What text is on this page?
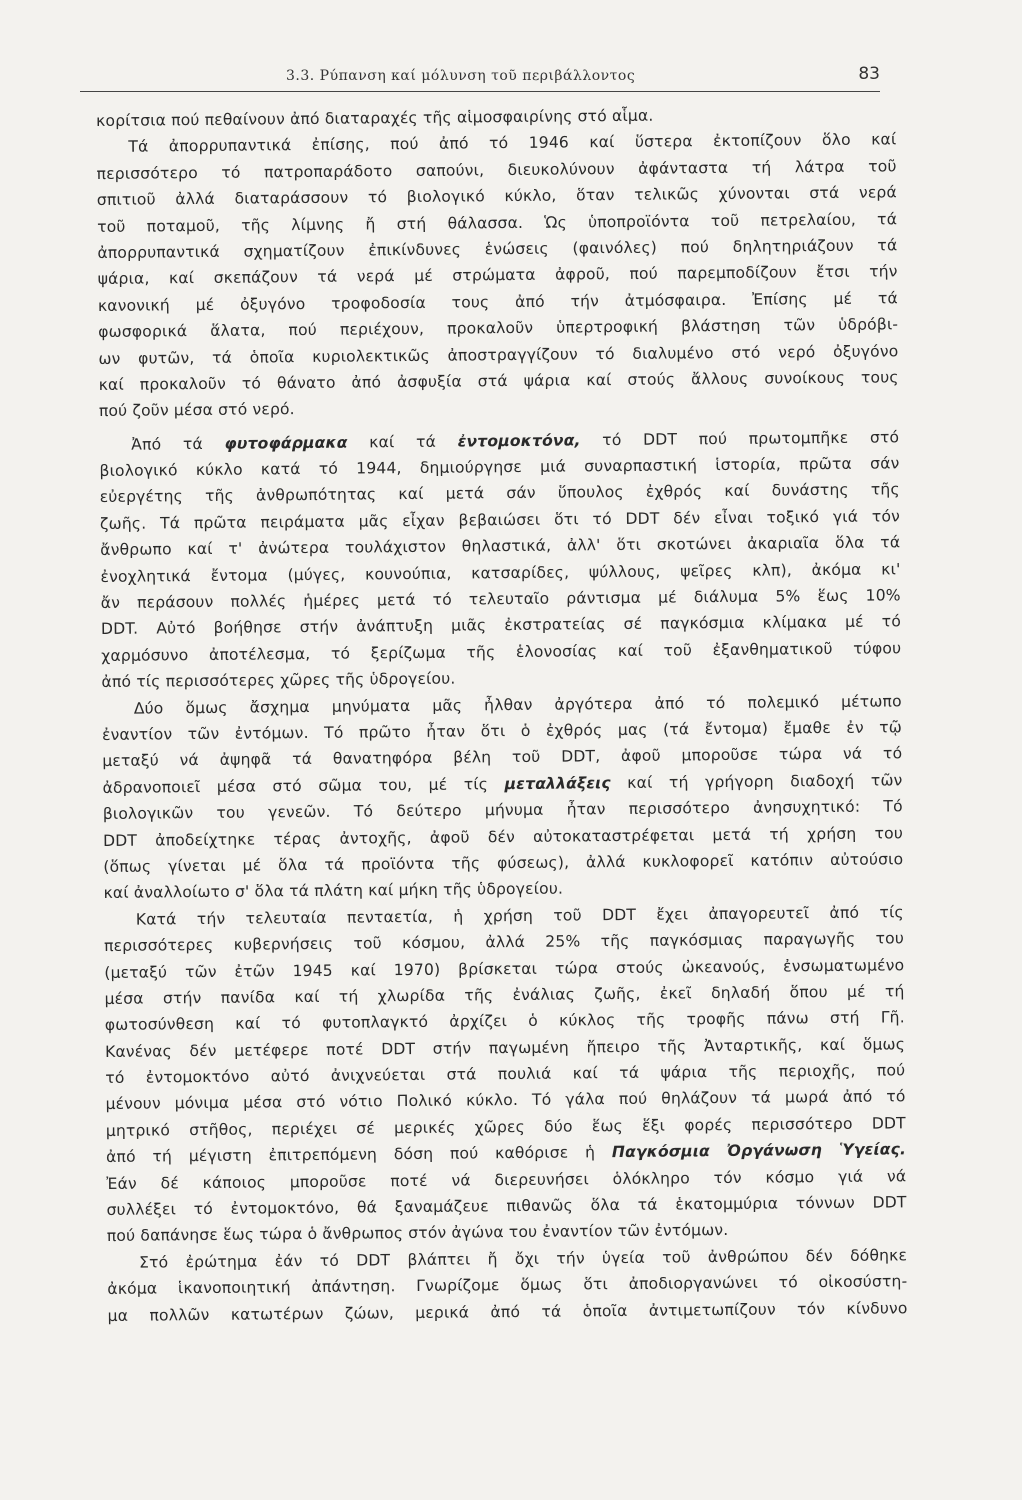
3.3. Ρύπανση καί μόλυνση τοῦ περιβάλλοντος	83
κορίτσια πού πεθαίνουν ἀπό διαταραχές τῆς αἱμοσφαιρίνης στό αἷμα.
Τά ἀπορρυπαντικά ἐπίσης, πού ἀπό τό 1946 καί ὕστερα ἐκτοπίζουν ὅλο καί
περισσότερο τό πατροπαράδοτο σαπούνι, διευκολύνουν ἀφάνταστα τή λάτρα τοῦ
σπιτιοῦ ἀλλά διαταράσσουν τό βιολογικό κύκλο, ὅταν τελικῶς χύνονται στά νερά
τοῦ ποταμοῦ, τῆς λίμνης ἤ στή θάλασσα. Ὡς ὑποπροϊόντα τοῦ πετρελαίου, τά
ἀπορρυπαντικά σχηματίζουν ἐπικίνδυνες ἑνώσεις (φαινόλες) πού δηλητηριάζουν τά
ψάρια, καί σκεπάζουν τά νερά μέ στρώματα ἀφροῦ, πού παρεμποδίζουν ἔτσι τήν
κανονική μέ ὀξυγόνο τροφοδοσία τους ἀπό τήν ἀτμόσφαιρα. Ἐπίσης μέ τά
φωσφορικά ἅλατα, πού περιέχουν, προκαλοῦν ὑπερτροφική βλάστηση τῶν ὑδρόβι-
ων φυτῶν, τά ὁποῖα κυριολεκτικῶς ἀποστραγγίζουν τό διαλυμένο στό νερό ὀξυγόνο
καί προκαλοῦν τό θάνατο ἀπό ἀσφυξία στά ψάρια καί στούς ἄλλους συνοίκους τους
πού ζοῦν μέσα στό νερό.
Ἀπό τά φυτοφάρμακα καί τά ἐντομοκτόνα, τό DDT πού πρωτομπῆκε στό
βιολογικό κύκλο κατά τό 1944, δημιούργησε μιά συναρπαστική ἱστορία, πρῶτα σάν
εὐεργέτης τῆς ἀνθρωπότητας καί μετά σάν ὕπουλος ἐχθρός καί δυνάστης τῆς
ζωῆς. Τά πρῶτα πειράματα μᾶς εἶχαν βεβαιώσει ὅτι τό DDT δέν εἶναι τοξικό γιά τόν
ἄνθρωπο καί τ' ἀνώτερα τουλάχιστον θηλαστικά, ἀλλ' ὅτι σκοτώνει ἀκαριαῖα ὅλα τά
ἐνοχλητικά ἔντομα (μύγες, κουνούπια, κατσαρίδες, ψύλλους, ψεῖρες κλπ), ἀκόμα κι'
ἄν περάσουν πολλές ἡμέρες μετά τό τελευταῖο ράντισμα μέ διάλυμα 5% ἕως 10%
DDT. Αὐτό βοήθησε στήν ἀνάπτυξη μιᾶς ἐκστρατείας σέ παγκόσμια κλίμακα μέ τό
χαρμόσυνο ἀποτέλεσμα, τό ξερίζωμα τῆς ἑλονοσίας καί τοῦ ἐξανθηματικοῦ τύφου
ἀπό τίς περισσότερες χῶρες τῆς ὑδρογείου.
Δύο ὅμως ἄσχημα μηνύματα μᾶς ἦλθαν ἀργότερα ἀπό τό πολεμικό μέτωπο
ἐναντίον τῶν ἐντόμων. Τό πρῶτο ἦταν ὅτι ὁ ἐχθρός μας (τά ἔντομα) ἔμαθε ἐν τῷ
μεταξύ νά ἀψηφᾶ τά θανατηφόρα βέλη τοῦ DDT, ἀφοῦ μποροῦσε τώρα νά τό
ἀδρανοποιεῖ μέσα στό σῶμα του, μέ τίς μεταλλάξεις καί τή γρήγορη διαδοχή τῶν
βιολογικῶν του γενεῶν. Τό δεύτερο μήνυμα ἦταν περισσότερο ἀνησυχητικό: Τό
DDT ἀποδείχτηκε τέρας ἀντοχῆς, ἀφοῦ δέν αὐτοκαταστρέφεται μετά τή χρήση του
(ὅπως γίνεται μέ ὅλα τά προϊόντα τῆς φύσεως), ἀλλά κυκλοφορεῖ κατόπιν αὐτούσιο
καί ἀναλλοίωτο σ' ὅλα τά πλάτη καί μήκη τῆς ὑδρογείου.
Κατά τήν τελευταία πενταετία, ἡ χρήση τοῦ DDT ἔχει ἀπαγορευτεῖ ἀπό τίς
περισσότερες κυβερνήσεις τοῦ κόσμου, ἀλλά 25% τῆς παγκόσμιας παραγωγῆς του
(μεταξύ τῶν ἐτῶν 1945 καί 1970) βρίσκεται τώρα στούς ὠκεανούς, ἐνσωματωμένο
μέσα στήν πανίδα καί τή χλωρίδα τῆς ἐνάλιας ζωῆς, ἐκεῖ δηλαδή ὅπου μέ τή
φωτοσύνθεση καί τό φυτοπλαγκτό ἀρχίζει ὁ κύκλος τῆς τροφῆς πάνω στή Γῆ.
Κανένας δέν μετέφερε ποτέ DDT στήν παγωμένη ἤπειρο τῆς Ἀνταρτικῆς, καί ὅμως
τό ἐντομοκτόνο αὐτό ἀνιχνεύεται στά πουλιά καί τά ψάρια τῆς περιοχῆς, πού
μένουν μόνιμα μέσα στό νότιο Πολικό κύκλο. Τό γάλα πού θηλάζουν τά μωρά ἀπό τό
μητρικό στῆθος, περιέχει σέ μερικές χῶρες δύο ἕως ἕξι φορές περισσότερο DDT
ἀπό τή μέγιστη ἐπιτρεπόμενη δόση πού καθόρισε ἡ Παγκόσμια Ὀργάνωση Ὑγείας.
Ἐάν δέ κάποιος μποροῦσε ποτέ νά διερευνήσει ὁλόκληρο τόν κόσμο γιά νά
συλλέξει τό ἐντομοκτόνο, θά ξαναμάζευε πιθανῶς ὅλα τά ἑκατομμύρια τόννων DDT
πού δαπάνησε ἕως τώρα ὁ ἄνθρωπος στόν ἀγώνα του ἐναντίον τῶν ἐντόμων.
Στό ἐρώτημα ἐάν τό DDT βλάπτει ἤ ὄχι τήν ὑγεία τοῦ ἀνθρώπου δέν δόθηκε
ἀκόμα ἱκανοποιητική ἀπάντηση. Γνωρίζομε ὅμως ὅτι ἀποδιοργανώνει τό οἰκοσύστη-
μα πολλῶν κατωτέρων ζώων, μερικά ἀπό τά ὁποῖα ἀντιμετωπίζουν τόν κίνδυνο
